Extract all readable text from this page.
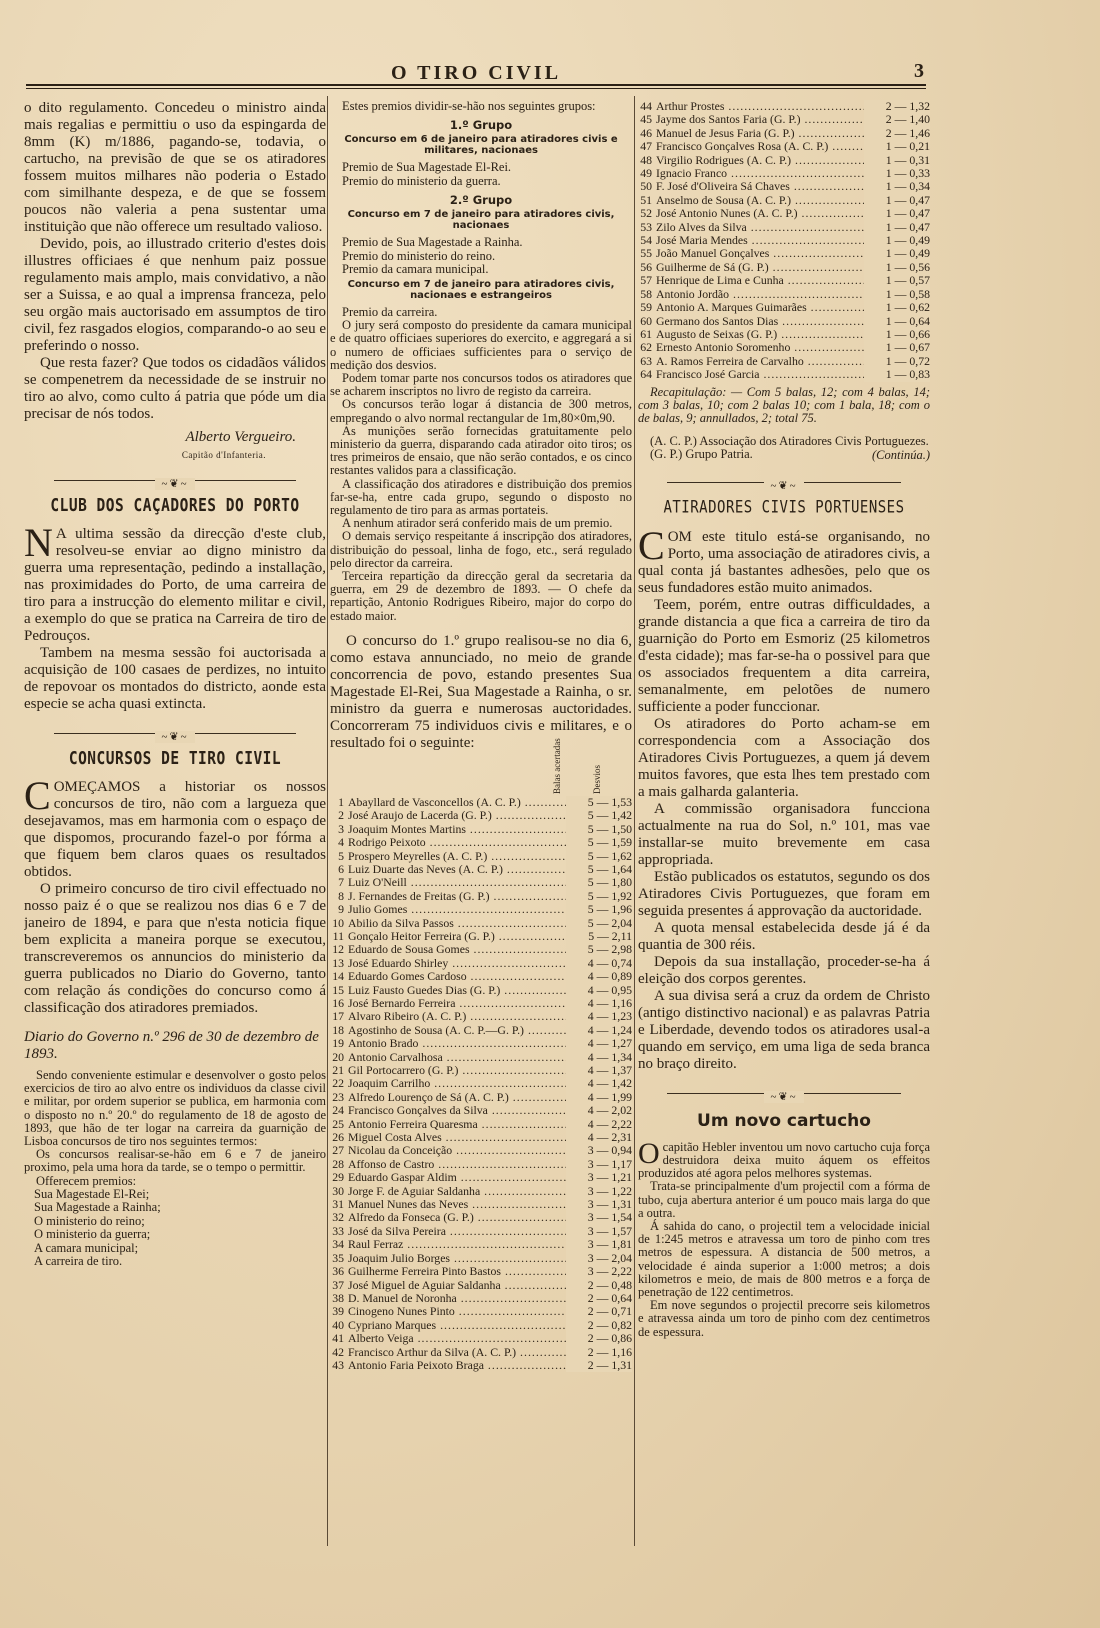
O TIRO CIVIL	3

o dito regulamento. Concedeu o ministro ainda mais regalias e permittiu o uso da espingarda de 8mm (K) m/1886, pagando-se, todavia, o cartucho, na previsão de que se os atiradores fossem muitos milhares não poderia o Estado com similhante despeza, e de que se fossem poucos não valeria a pena sustentar uma instituição que não offerece um resultado valioso.

Devido, pois, ao illustrado criterio d'estes dois illustres officiaes é que nenhum paiz possue regulamento mais amplo, mais convidativo, a não ser a Suissa, e ao qual a imprensa franceza, pelo seu orgão mais auctorisado em assumptos de tiro civil, fez rasgados elogios, comparando-o ao seu e preferindo o nosso.

Que resta fazer? Que todos os cidadãos válidos se compenetrem da necessidade de se instruir no tiro ao alvo, como culto á patria que póde um dia precisar de nós todos.

Alberto Vergueiro.
Capitão d'Infanteria.
~❦~
CLUB DOS CAÇADORES DO PORTO

N A ultima sessão da direcção d'este club, resolveu-se enviar ao digno ministro da guerra uma representação, pedindo a installação, nas proximidades do Porto, de uma carreira de tiro para a instrucção do elemento militar e civil, a exemplo do que se pratica na Carreira de tiro de Pedrouços.

Tambem na mesma sessão foi auctorisada a acquisição de 100 casaes de perdizes, no intuito de repovoar os montados do districto, aonde esta especie se acha quasi extincta.

~❦~
CONCURSOS DE TIRO CIVIL

COMEÇAMOS a historiar os nossos concursos de tiro, não com a largueza que desejavamos, mas em harmonia com o espaço de que dispomos, procurando fazel-o por fórma a que fiquem bem claros quaes os resultados obtidos.

O primeiro concurso de tiro civil effectuado no nosso paiz é o que se realizou nos dias 6 e 7 de janeiro de 1894, e para que n'esta noticia fique bem explicita a maneira porque se executou, transcreveremos os annuncios do ministerio da guerra publicados no Diario do Governo, tanto com relação ás condições do concurso como á classificação dos atiradores premiados.

Diario do Governo n.º 296 de 30 de dezembro de 1893.

Sendo conveniente estimular e desenvolver o gosto pelos exercicios de tiro ao alvo entre os individuos da classe civil e militar, por ordem superior se publica, em harmonia com o disposto no n.º 20.º do regulamento de 18 de agosto de 1893, que hão de ter logar na carreira da guarnição de Lisboa concursos de tiro nos seguintes termos:

Os concursos realisar-se-hão em 6 e 7 de janeiro proximo, pela uma hora da tarde, se o tempo o permittir.

Offerecem premios:

Sua Magestade El-Rei;
Sua Magestade a Rainha;
O ministerio do reino;
O ministerio da guerra;
A camara municipal;
A carreira de tiro.

Estes premios dividir-se-hão nos seguintes grupos:

1.º Grupo
Concurso em 6 de janeiro para atiradores civis e militares, nacionaes
Premio de Sua Magestade El-Rei.
Premio do ministerio da guerra.
2.º Grupo
Concurso em 7 de janeiro para atiradores civis, nacionaes
Premio de Sua Magestade a Rainha.
Premio do ministerio do reino.
Premio da camara municipal.
Concurso em 7 de janeiro para atiradores civis, nacionaes e estrangeiros
Premio da carreira.

O jury será composto do presidente da camara municipal e de quatro officiaes superiores do exercito, e aggregará a si o numero de officiaes sufficientes para o serviço de medição dos desvios.

Podem tomar parte nos concursos todos os atiradores que se acharem inscriptos no livro de registo da carreira.

Os concursos terão logar á distancia de 300 metros, empregando o alvo normal rectangular de 1m,80×0m,90.

As munições serão fornecidas gratuitamente pelo ministerio da guerra, disparando cada atirador oito tiros; os tres primeiros de ensaio, que não serão contados, e os cinco restantes validos para a classificação.

A classificação dos atiradores e distribuição dos premios far-se-ha, entre cada grupo, segundo o disposto no regulamento de tiro para as armas portateis.

A nenhum atirador será conferido mais de um premio.

O demais serviço respeitante á inscripção dos atiradores, distribuição do pessoal, linha de fogo, etc., será regulado pelo director da carreira.

Terceira repartição da direcção geral da secretaria da guerra, em 29 de dezembro de 1893. — O chefe da repartição, Antonio Rodrigues Ribeiro, major do corpo do estado maior.

O concurso do 1.º grupo realisou-se no dia 6, como estava annunciado, no meio de grande concorrencia de povo, estando presentes Sua Magestade El-Rei, Sua Magestade a Rainha, o sr. ministro da guerra e numerosas auctoridades. Concorreram 75 individuos civis e militares, e o resultado foi o seguinte:	Balas acertadas	Desvios
1 Abayllard de Vasconcellos (A. C. P.) .....	5 — 1,53
2 José Araujo de Lacerda (G. P.) .....	5 — 1,42
3 Joaquim Montes Martins .....	5 — 1,50
4 Rodrigo Peixoto .....	5 — 1,59
5 Prospero Meyrelles (A. C. P.) .....	5 — 1,62
6 Luiz Duarte das Neves (A. C. P.) .....	5 — 1,64
7 Luiz O'Neill .....	5 — 1,80
8 J. Fernandes de Freitas (G. P.) .....	5 — 1,92
9 Julio Gomes .....	5 — 1,96
10 Abilio da Silva Passos .....	5 — 2,04
11 Gonçalo Heitor Ferreira (G. P.) .....	5 — 2,11
12 Eduardo de Sousa Gomes .....	5 — 2,98
13 José Eduardo Shirley .....	4 — 0,74
14 Eduardo Gomes Cardoso .....	4 — 0,89
15 Luiz Fausto Guedes Dias (G. P.) .....	4 — 0,95
16 José Bernardo Ferreira .....	4 — 1,16
17 Alvaro Ribeiro (A. C. P.) .....	4 — 1,23
18 Agostinho de Sousa (A. C. P.—G. P.) .....	4 — 1,24
19 Antonio Brado .....	4 — 1,27
20 Antonio Carvalhosa .....	4 — 1,34
21 Gil Portocarrero (G. P.) .....	4 — 1,37
22 Joaquim Carrilho .....	4 — 1,42
23 Alfredo Lourenço de Sá (A. C. P.) .....	4 — 1,99
24 Francisco Gonçalves da Silva .....	4 — 2,02
25 Antonio Ferreira Quaresma .....	4 — 2,22
26 Miguel Costa Alves .....	4 — 2,31
27 Nicolau da Conceição .....	3 — 0,94
28 Affonso de Castro .....	3 — 1,17
29 Eduardo Gaspar Aldim .....	3 — 1,21
30 Jorge F. de Aguiar Saldanha .....	3 — 1,22
31 Manuel Nunes das Neves .....	3 — 1,31
32 Alfredo da Fonseca (G. P.) .....	3 — 1,54
33 José da Silva Pereira .....	3 — 1,57
34 Raul Ferraz .....	3 — 1,81
35 Joaquim Julio Borges .....	3 — 2,04
36 Guilherme Ferreira Pinto Bastos .....	3 — 2,22
37 José Miguel de Aguiar Saldanha .....	2 — 0,48
38 D. Manuel de Noronha .....	2 — 0,64
39 Cinogeno Nunes Pinto .....	2 — 0,71
40 Cypriano Marques .....	2 — 0,82
41 Alberto Veiga .....	2 — 0,86
42 Francisco Arthur da Silva (A. C. P.) .....	2 — 1,16
43 Antonio Faria Peixoto Braga .....	2 — 1,31
44 Arthur Prostes .....	2 — 1,32
45 Jayme dos Santos Faria (G. P.) .....	2 — 1,40
46 Manuel de Jesus Faria (G. P.) .....	2 — 1,46
47 Francisco Gonçalves Rosa (A. C. P.) .....	1 — 0,21
48 Virgilio Rodrigues (A. C. P.) .....	1 — 0,31
49 Ignacio Franco .....	1 — 0,33
50 F. José d'Oliveira Sá Chaves .....	1 — 0,34
51 Anselmo de Sousa (A. C. P.) .....	1 — 0,47
52 José Antonio Nunes (A. C. P.) .....	1 — 0,47
53 Zilo Alves da Silva .....	1 — 0,47
54 José Maria Mendes .....	1 — 0,49
55 João Manuel Gonçalves .....	1 — 0,49
56 Guilherme de Sá (G. P.) .....	1 — 0,56
57 Henrique de Lima e Cunha .....	1 — 0,57
58 Antonio Jordão .....	1 — 0,58
59 Antonio A. Marques Guimarães .....	1 — 0,62
60 Germano dos Santos Dias .....	1 — 0,64
61 Augusto de Seixas (G. P.) .....	1 — 0,66
62 Ernesto Antonio Soromenho .....	1 — 0,67
63 A. Ramos Ferreira de Carvalho .....	1 — 0,72
64 Francisco José Garcia .....	1 — 0,83

Recapitulação: — Com 5 balas, 12; com 4 balas, 14; com 3 balas, 10; com 2 balas 10; com 1 bala, 18; com o de balas, 9; annullados, 2; total 75.

(A. C. P.) Associação dos Atiradores Civis Portuguezes.

(G. P.) Grupo Patria.	(Continúa.)
~❦~
ATIRADORES CIVIS PORTUENSES

COM este titulo está-se organisando, no Porto, uma associação de atiradores civis, a qual conta já bastantes adhesões, pelo que os seus fundadores estão muito animados.

Teem, porém, entre outras difficuldades, a grande distancia a que fica a carreira de tiro da guarnição do Porto em Esmoriz (25 kilometros d'esta cidade); mas far-se-ha o possivel para que os associados frequentem a dita carreira, semanalmente, em pelotões de numero sufficiente a poder funccionar.

Os atiradores do Porto acham-se em correspondencia com a Associação dos Atiradores Civis Portuguezes, a quem já devem muitos favores, que esta lhes tem prestado com a mais galharda galanteria.

A commissão organisadora funcciona actualmente na rua do Sol, n.º 101, mas vae installar-se muito brevemente em casa appropriada.

Estão publicados os estatutos, segundo os dos Atiradores Civis Portuguezes, que foram em seguida presentes á approvação da auctoridade.

A quota mensal estabelecida desde já é da quantia de 300 réis.

Depois da sua installação, proceder-se-ha á eleição dos corpos gerentes.

A sua divisa será a cruz da ordem de Christo (antigo distinctivo nacional) e as palavras Patria e Liberdade, devendo todos os atiradores usal-a quando em serviço, em uma liga de seda branca no braço direito.

~❦~
Um novo cartucho

Ocapitão Hebler inventou um novo cartucho cuja força destruidora deixa muito áquem os effeitos produzidos até agora pelos melhores systemas.

Trata-se principalmente d'um projectil com a fórma de tubo, cuja abertura anterior é um pouco mais larga do que a outra.

Á sahida do cano, o projectil tem a velocidade inicial de 1:245 metros e atravessa um toro de pinho com tres metros de espessura. A distancia de 500 metros, a velocidade é ainda superior a 1:000 metros; a dois kilometros e meio, de mais de 800 metros e a força de penetração de 122 centimetros.

Em nove segundos o projectil precorre seis kilometros e atravessa ainda um toro de pinho com dez centimetros de espessura.
